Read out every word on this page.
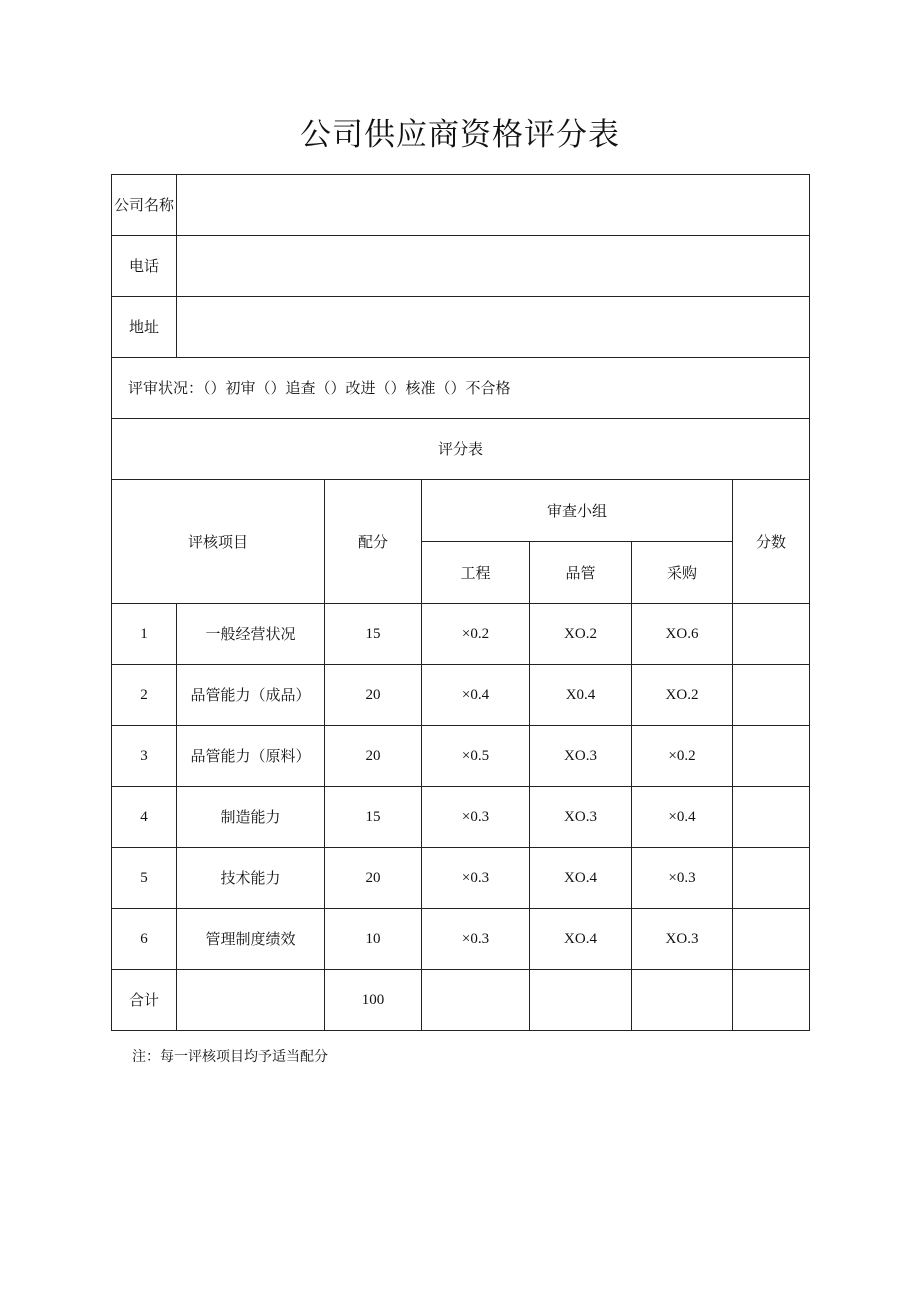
公司供应商资格评分表
公司名称						
电话						
地址						
评审状况：（）初审（）追查（）改进（）核准（）不合格						
评分表						
评核项目		配分	审查小组			分数
			工程	品管	采购	
1	一般经营状况	15	×0.2	XO.2	XO.6	
2	品管能力（成品）	20	×0.4	X0.4	XO.2	
3	品管能力（原料）	20	×0.5	XO.3	×0.2	
4	制造能力	15	×0.3	XO.3	×0.4	
5	技术能力	20	×0.3	XO.4	×0.3	
6	管理制度绩效	10	×0.3	XO.4	XO.3	
合计		100				
注：每一评核项目均予适当配分
